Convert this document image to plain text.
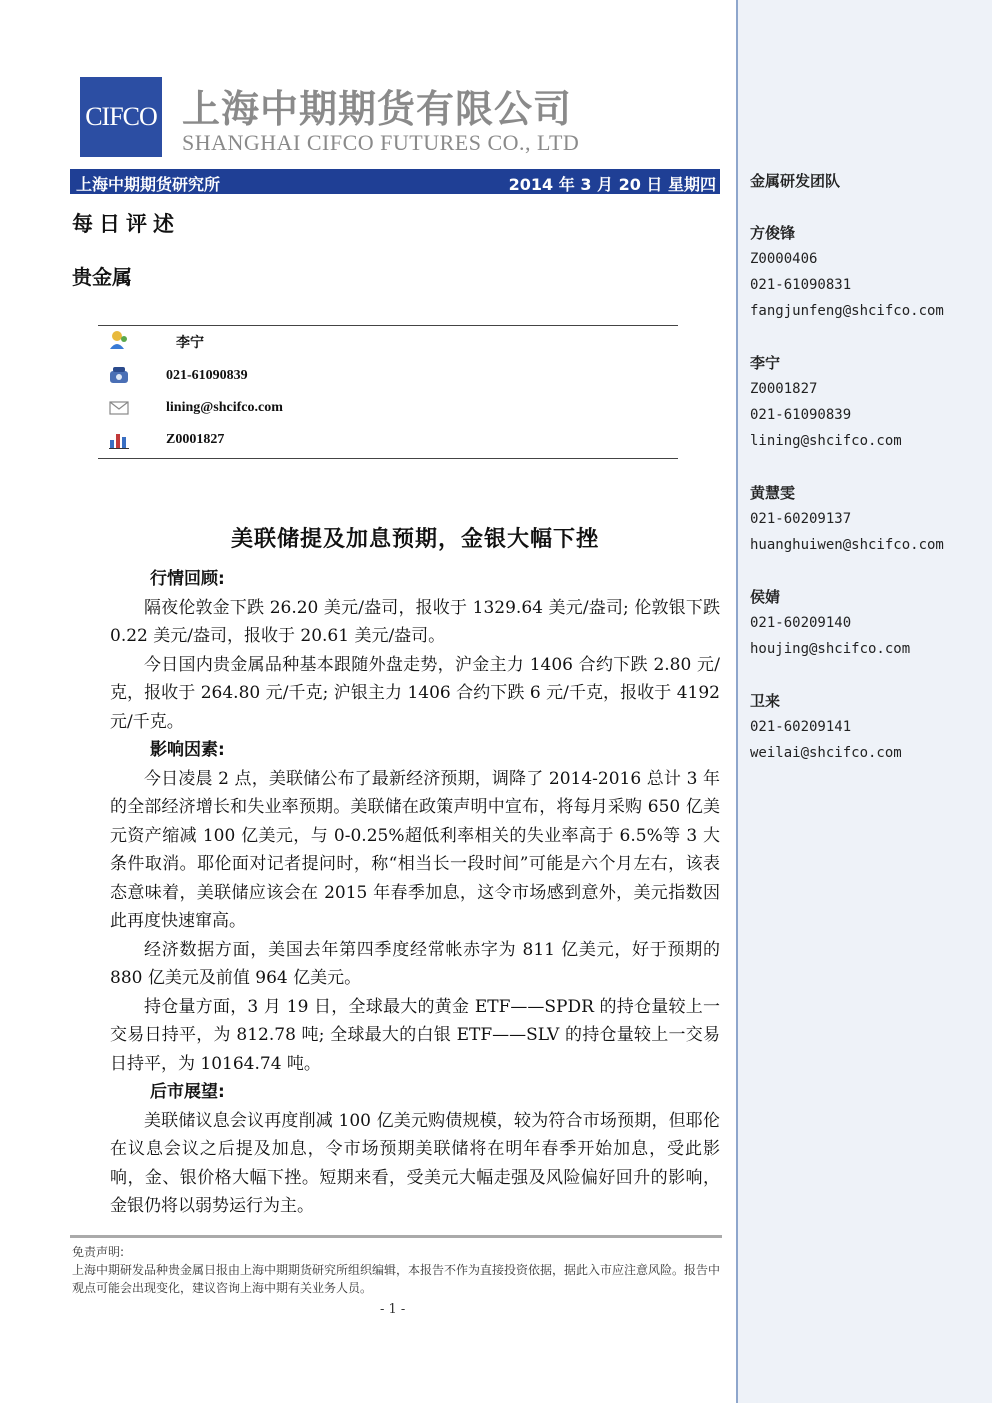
CIFCO 上海中期期货有限公司
SHANGHAI CIFCO FUTURES CO., LTD
上海中期期货研究所	2014 年 3 月 20 日 星期四
每日评述
贵金属
李宁
021-61090839
lining@shcifco.com
Z0001827
美联储提及加息预期，金银大幅下挫
行情回顾:

隔夜伦敦金下跌 26.20 美元/盎司，报收于 1329.64 美元/盎司; 伦敦银下跌 0.22 美元/盎司，报收于 20.61 美元/盎司。

今日国内贵金属品种基本跟随外盘走势，沪金主力 1406 合约下跌 2.80 元/克，报收于 264.80 元/千克; 沪银主力 1406 合约下跌 6 元/千克，报收于 4192 元/千克。

影响因素:

今日凌晨 2 点，美联储公布了最新经济预期，调降了 2014-2016 总计 3 年的全部经济增长和失业率预期。美联储在政策声明中宣布，将每月采购 650 亿美元资产缩减 100 亿美元，与 0-0.25%超低利率相关的失业率高于 6.5%等 3 大条件取消。耶伦面对记者提问时，称“相当长一段时间”可能是六个月左右，该表态意味着，美联储应该会在 2015 年春季加息，这令市场感到意外，美元指数因此再度快速窜高。

经济数据方面，美国去年第四季度经常帐赤字为 811 亿美元，好于预期的 880 亿美元及前值 964 亿美元。

持仓量方面，3 月 19 日，全球最大的黄金 ETF——SPDR 的持仓量较上一交易日持平，为 812.78 吨; 全球最大的白银 ETF——SLV 的持仓量较上一交易日持平，为 10164.74 吨。

后市展望:

美联储议息会议再度削减 100 亿美元购债规模，较为符合市场预期，但耶伦在议息会议之后提及加息，令市场预期美联储将在明年春季开始加息，受此影响，金、银价格大幅下挫。短期来看，受美元大幅走强及风险偏好回升的影响，金银仍将以弱势运行为主。

免责声明:
上海中期研发品种贵金属日报由上海中期期货研究所组织编辑，本报告不作为直接投资依据，据此入市应注意风险。报告中观点可能会出现变化，建议咨询上海中期有关业务人员。
- 1 -
金属研发团队
方俊锋
Z0000406
021-61090831
fangjunfeng@shcifco.com
李宁
Z0001827
021-61090839
lining@shcifco.com
黄慧雯
021-60209137
huanghuiwen@shcifco.com
侯婧
021-60209140
houjing@shcifco.com
卫来
021-60209141
weilai@shcifco.com
